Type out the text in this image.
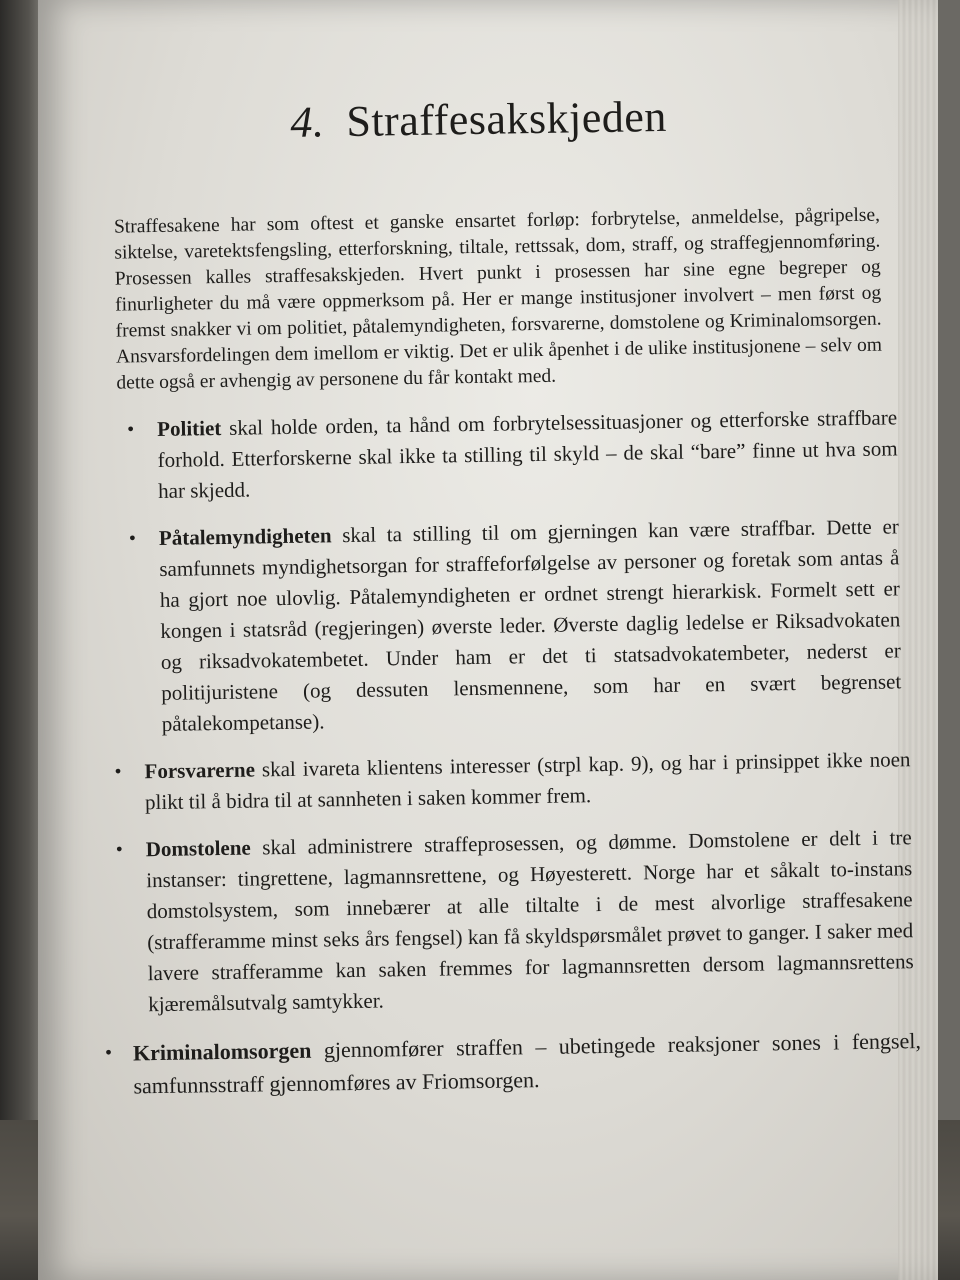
4. Straffesakskjeden

Straffesakene har som oftest et ganske ensartet forløp: forbrytelse, anmeldelse, pågripelse, siktelse, varetektsfengsling, etterforskning, tiltale, rettssak, dom, straff, og straffegjennomføring. Prosessen kalles straffesakskjeden. Hvert punkt i prosessen har sine egne begreper og finurligheter du må være oppmerksom på. Her er mange institusjoner involvert – men først og fremst snakker vi om politiet, påtalemyndigheten, forsvarerne, domstolene og Kriminalomsorgen. Ansvarsfordelingen dem imellom er viktig. Det er ulik åpenhet i de ulike institusjonene – selv om dette også er avhengig av personene du får kontakt med.

• Politiet skal holde orden, ta hånd om forbrytelsessituasjoner og etterforske straffbare forhold. Etterforskerne skal ikke ta stilling til skyld – de skal “bare” finne ut hva som har skjedd.
• Påtalemyndigheten skal ta stilling til om gjerningen kan være straffbar. Dette er samfunnets myndighetsorgan for straffeforfølgelse av personer og foretak som antas å ha gjort noe ulovlig. Påtalemyndigheten er ordnet strengt hierarkisk. Formelt sett er kongen i statsråd (regjeringen) øverste leder. Øverste daglig ledelse er Riksadvokaten og riksadvokatembetet. Under ham er det ti statsadvokatembeter, nederst er politijuristene (og dessuten lensmennene, som har en svært begrenset påtalekompetanse).
• Forsvarerne skal ivareta klientens interesser (strpl kap. 9), og har i prinsippet ikke noen plikt til å bidra til at sannheten i saken kommer frem.
• Domstolene skal administrere straffeprosessen, og dømme. Domstolene er delt i tre instanser: tingrettene, lagmannsrettene, og Høyesterett. Norge har et såkalt to-instans domstolsystem, som innebærer at alle tiltalte i de mest alvorlige straffesakene (strafferamme minst seks års fengsel) kan få skyldspørsmålet prøvet to ganger. I saker med lavere strafferamme kan saken fremmes for lagmannsretten dersom lagmannsrettens kjæremålsutvalg samtykker.
• Kriminalomsorgen gjennomfører straffen – ubetingede reaksjoner sones i fengsel, samfunnsstraff gjennomføres av Friomsorgen.
